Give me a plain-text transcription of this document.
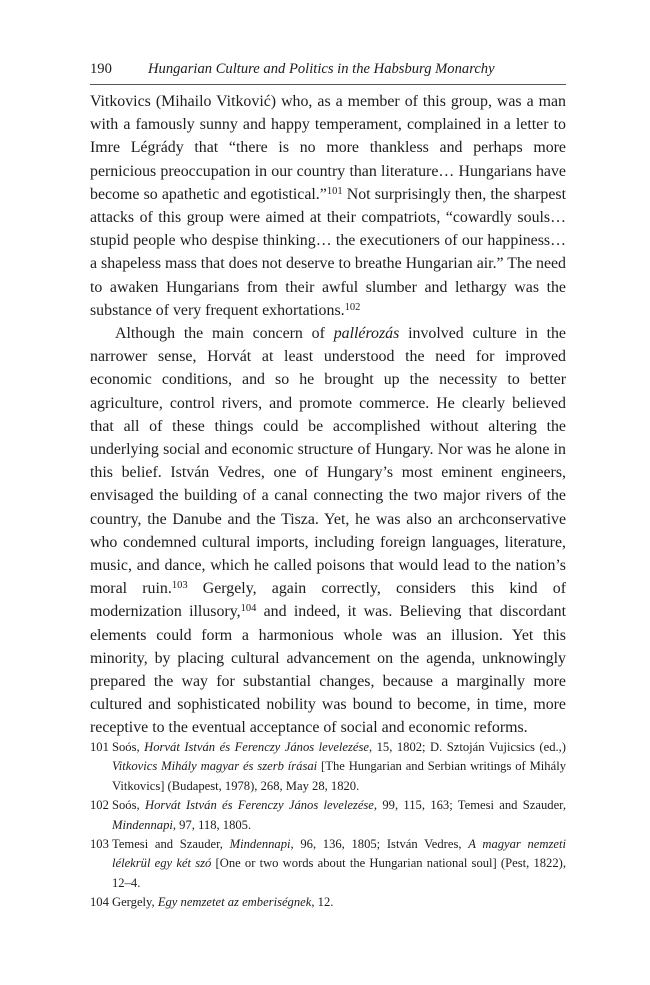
190 Hungarian Culture and Politics in the Habsburg Monarchy

Vitkovics (Mihailo Vitković) who, as a member of this group, was a man with a famously sunny and happy temperament, complained in a letter to Imre Légrády that “there is no more thankless and perhaps more pernicious preoccupation in our country than literature… Hungarians have become so apathetic and egotistical.”$^{101}$ Not surprisingly then, the sharpest attacks of this group were aimed at their compatriots, “cowardly souls… stupid people who despise thinking… the executioners of our happiness… a shapeless mass that does not deserve to breathe Hungarian air.” The need to awaken Hungarians from their awful slumber and lethargy was the substance of very frequent exhortations.$^{102}$

Although the main concern of pallérozás involved culture in the narrower sense, Horvát at least understood the need for improved economic conditions, and so he brought up the necessity to better agriculture, control rivers, and promote commerce. He clearly believed that all of these things could be accomplished without altering the underlying social and economic structure of Hungary. Nor was he alone in this belief. István Vedres, one of Hungary’s most eminent engineers, envisaged the building of a canal connecting the two major rivers of the country, the Danube and the Tisza. Yet, he was also an archconservative who condemned cultural imports, including foreign languages, literature, music, and dance, which he called poisons that would lead to the nation’s moral ruin.$^{103}$ Gergely, again correctly, considers this kind of modernization illusory,$^{104}$ and indeed, it was. Believing that discordant elements could form a harmonious whole was an illusion. Yet this minority, by placing cultural advancement on the agenda, unknowingly prepared the way for substantial changes, because a marginally more cultured and sophisticated nobility was bound to become, in time, more receptive to the eventual acceptance of social and economic reforms.

101 Soós, Horvát István és Ferenczy János levelezése, 15, 1802; D. Sztoján Vujicsics (ed.,) Vitkovics Mihály magyar és szerb írásai [The Hungarian and Serbian writings of Mihály Vitkovics] (Budapest, 1978), 268, May 28, 1820.

102 Soós, Horvát István és Ferenczy János levelezése, 99, 115, 163; Temesi and Szauder, Mindennapi, 97, 118, 1805.

103 Temesi and Szauder, Mindennapi, 96, 136, 1805; István Vedres, A magyar nemzeti lélekrül egy két szó [One or two words about the Hungarian national soul] (Pest, 1822), 12–4.

104 Gergely, Egy nemzetet az emberiségnek, 12.
